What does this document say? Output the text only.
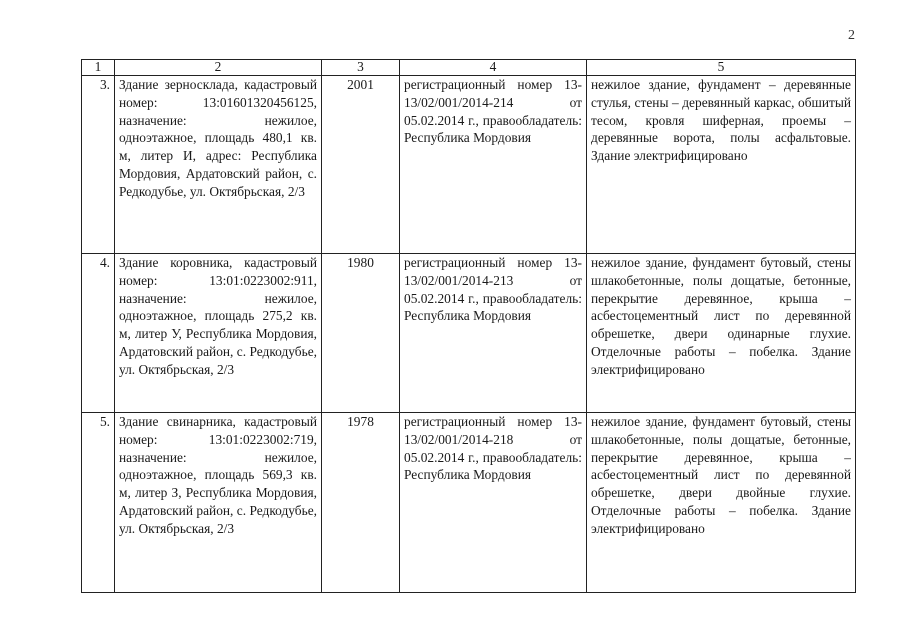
2
1	2	3	4	5
3.	Здание зерносклада, кадастровый номер: 13:01601320456125, назначение: нежилое, одноэтажное, площадь 480,1 кв. м, литер И, адрес: Республика Мордовия, Ардатовский район, с. Редкодубье, ул. Октябрьская, 2/3	2001	регистрационный номер 13-13/02/001/2014-214 от 05.02.2014 г., правообладатель: Республика Мордовия	нежилое здание, фундамент – деревянные стулья, стены – деревянный каркас, обшитый тесом, кровля шиферная, проемы – деревянные ворота, полы асфальтовые. Здание электрифицировано
4.	Здание коровника, кадастровый номер: 13:01:0223002:911, назначение: нежилое, одноэтажное, площадь 275,2 кв. м, литер У, Республика Мордовия, Ардатовский район, с. Редкодубье, ул. Октябрьская, 2/3	1980	регистрационный номер 13-13/02/001/2014-213 от 05.02.2014 г., правообладатель: Республика Мордовия	нежилое здание, фундамент бутовый, стены шлакобетонные, полы дощатые, бетонные, перекрытие деревянное, крыша – асбестоцементный лист по деревянной обрешетке, двери одинарные глухие. Отделочные работы – побелка. Здание электрифицировано
5.	Здание свинарника, кадастровый номер: 13:01:0223002:719, назначение: нежилое, одноэтажное, площадь 569,3 кв. м, литер З, Республика Мордовия, Ардатовский район, с. Редкодубье, ул. Октябрьская, 2/3	1978	регистрационный номер 13-13/02/001/2014-218 от 05.02.2014 г., правообладатель: Республика Мордовия	нежилое здание, фундамент бутовый, стены шлакобетонные, полы дощатые, бетонные, перекрытие деревянное, крыша – асбестоцементный лист по деревянной обрешетке, двери двойные глухие. Отделочные работы – побелка. Здание электрифицировано
